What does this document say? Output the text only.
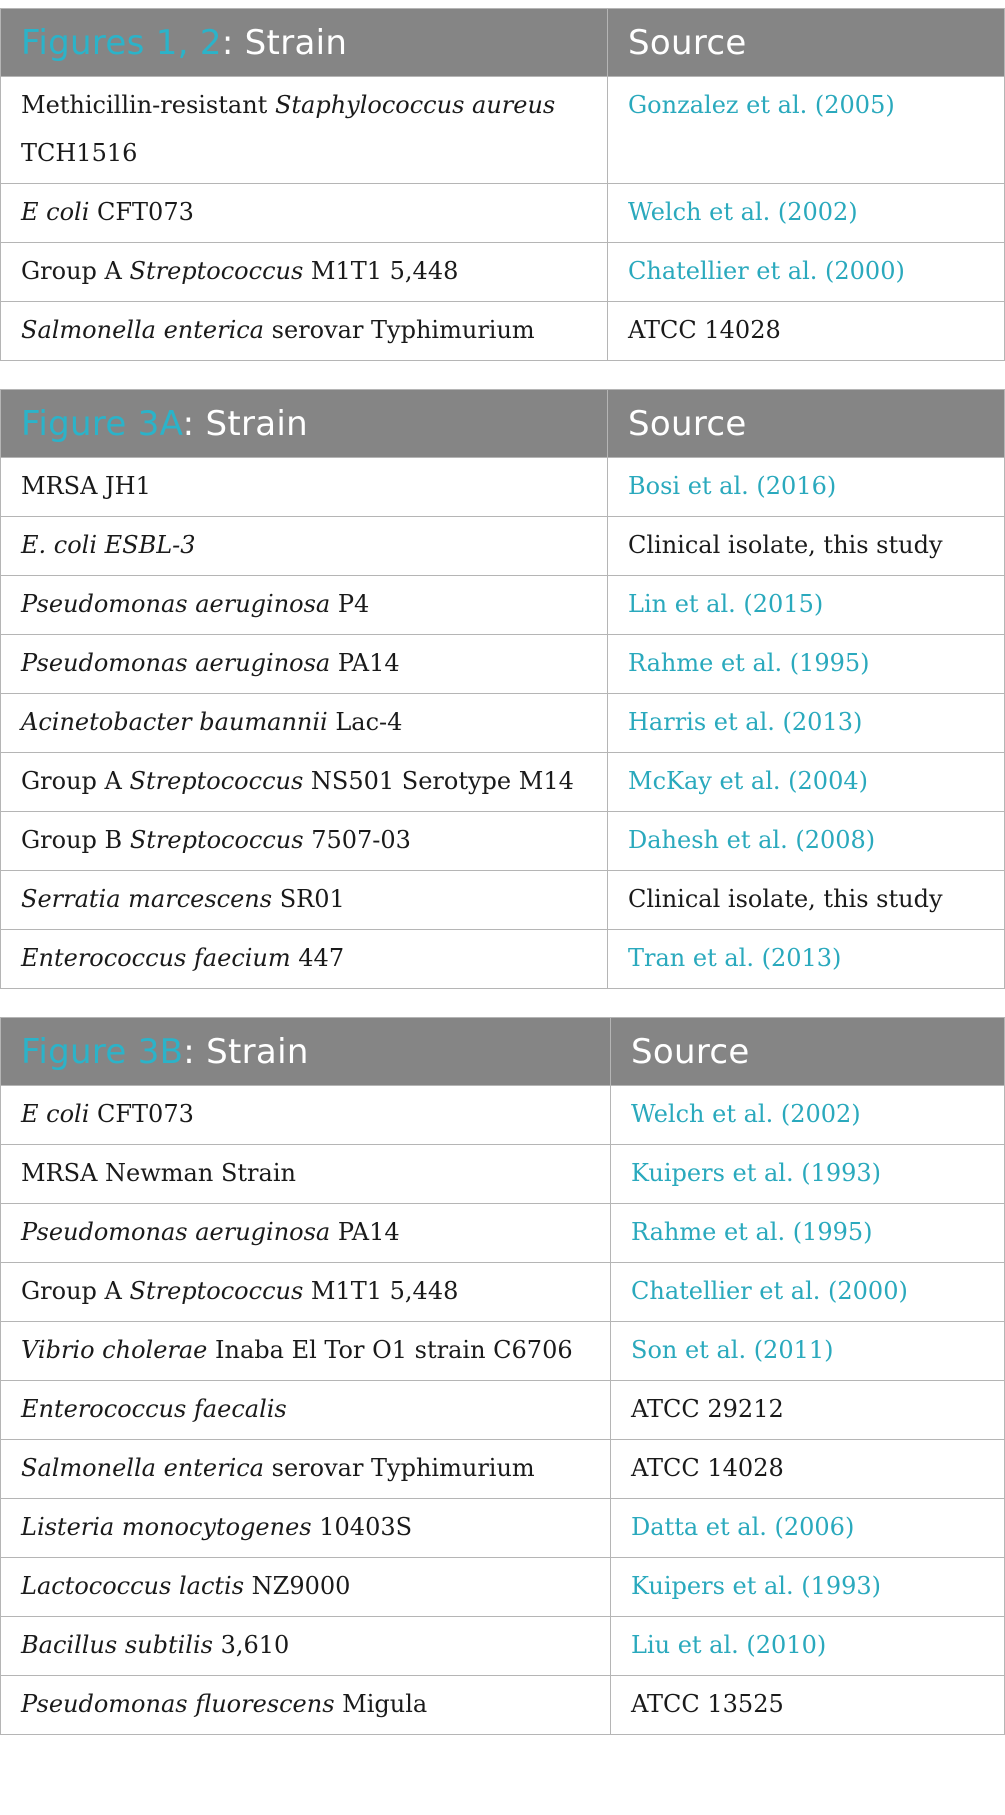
Figures 1, 2: Strain	Source
Methicillin-resistant Staphylococcus aureus TCH1516	Gonzalez et al. (2005)
E coli CFT073	Welch et al. (2002)
Group A Streptococcus M1T1 5,448	Chatellier et al. (2000)
Salmonella enterica serovar Typhimurium	ATCC 14028
Figure 3A: Strain	Source
MRSA JH1	Bosi et al. (2016)
E. coli ESBL-3	Clinical isolate, this study
Pseudomonas aeruginosa P4	Lin et al. (2015)
Pseudomonas aeruginosa PA14	Rahme et al. (1995)
Acinetobacter baumannii Lac-4	Harris et al. (2013)
Group A Streptococcus NS501 Serotype M14	McKay et al. (2004)
Group B Streptococcus 7507-03	Dahesh et al. (2008)
Serratia marcescens SR01	Clinical isolate, this study
Enterococcus faecium 447	Tran et al. (2013)
Figure 3B: Strain	Source
E coli CFT073	Welch et al. (2002)
MRSA Newman Strain	Kuipers et al. (1993)
Pseudomonas aeruginosa PA14	Rahme et al. (1995)
Group A Streptococcus M1T1 5,448	Chatellier et al. (2000)
Vibrio cholerae Inaba El Tor O1 strain C6706	Son et al. (2011)
Enterococcus faecalis	ATCC 29212
Salmonella enterica serovar Typhimurium	ATCC 14028
Listeria monocytogenes 10403S	Datta et al. (2006)
Lactococcus lactis NZ9000	Kuipers et al. (1993)
Bacillus subtilis 3,610	Liu et al. (2010)
Pseudomonas fluorescens Migula	ATCC 13525
